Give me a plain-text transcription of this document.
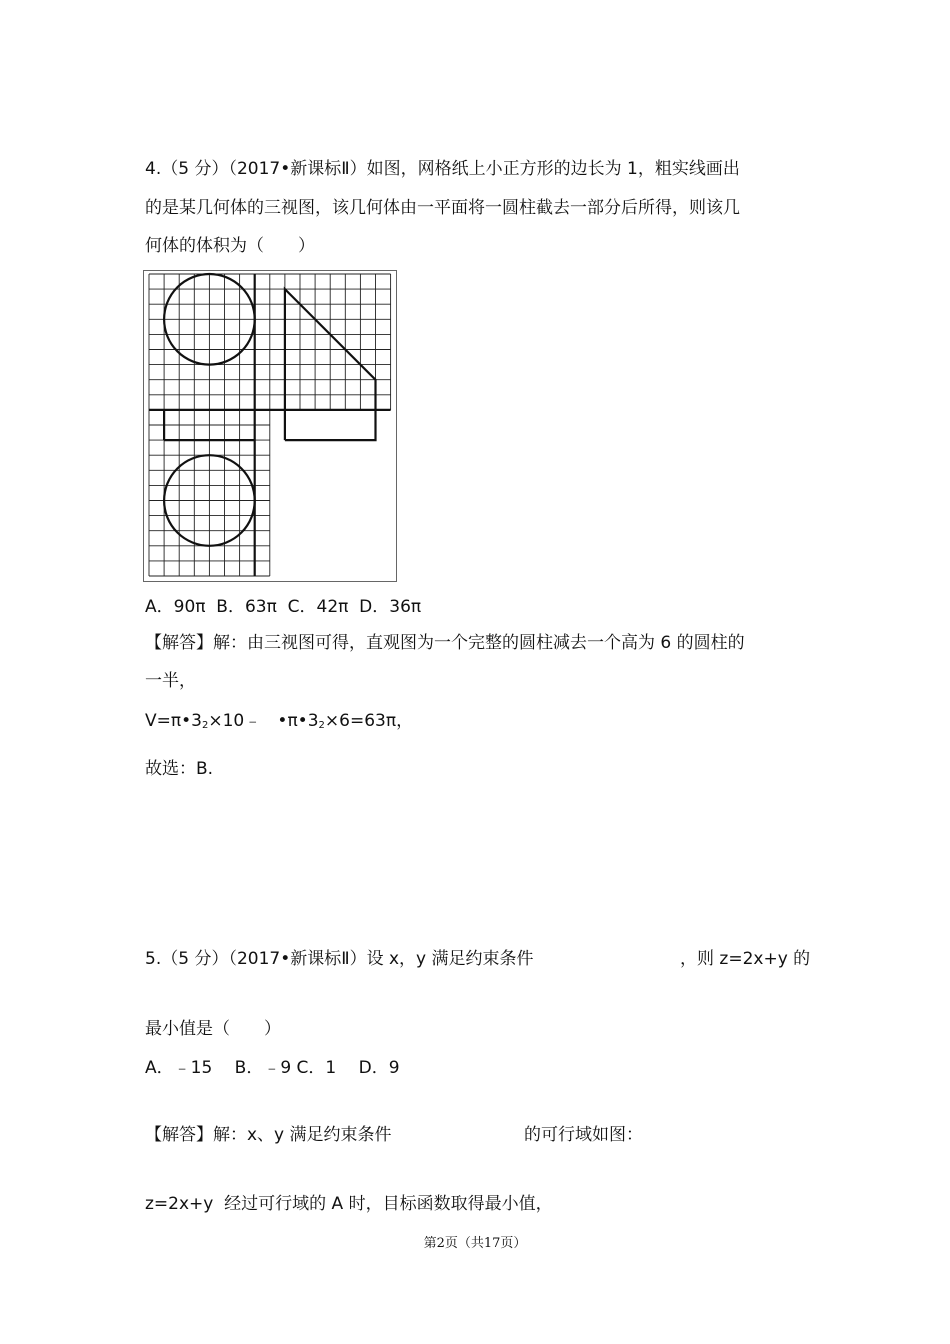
4.（5 分）（2017•新课标Ⅱ）如图，网格纸上小正方形的边长为 1，粗实线画出
的是某几何体的三视图，该几何体由一平面将一圆柱截去一部分后所得，则该几
何体的体积为（　　）
A．90π  B．63π  C．42π  D．36π
【解答】解：由三视图可得，直观图为一个完整的圆柱减去一个高为 6 的圆柱的
一半，
$V=\pi•3_2\times 10﹣$   $•\pi•3_2\times 6=63\pi$，
故选：B.
5.（5 分）（2017•新课标Ⅱ）设 x，y 满足约束条件	，则 z=2x+y 的
最小值是（　　）
A．﹣15　 B．﹣9 C．1　 D．9
【解答】解：x、y 满足约束条件	的可行域如图：
z=2x+y  经过可行域的 A 时，目标函数取得最小值，
第2页（共17页）
